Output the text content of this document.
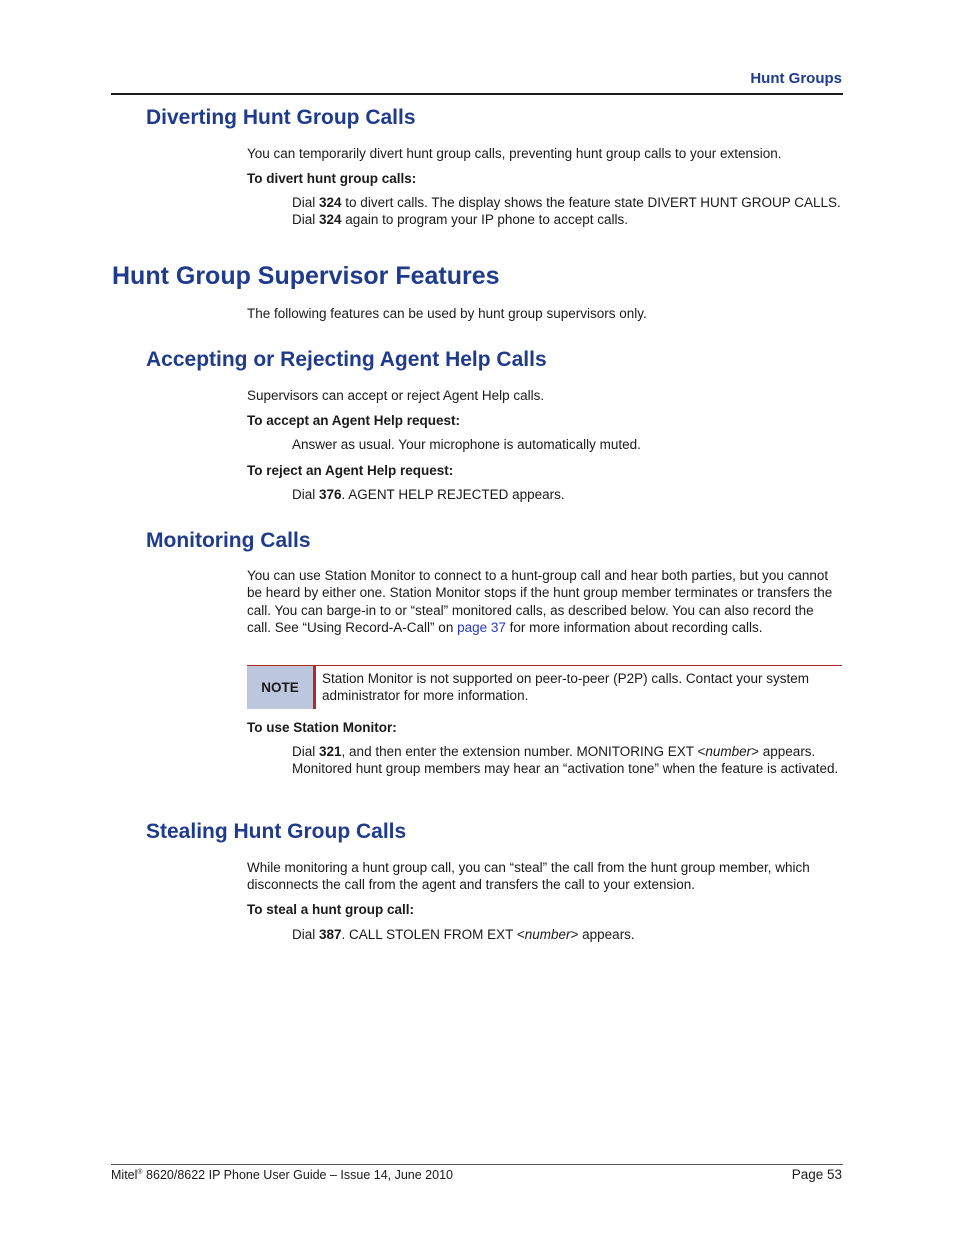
Hunt Groups
Diverting Hunt Group Calls

You can temporarily divert hunt group calls, preventing hunt group calls to your extension.

To divert hunt group calls:

Dial 324 to divert calls. The display shows the feature state DIVERT HUNT GROUP CALLS. Dial 324 again to program your IP phone to accept calls.

Hunt Group Supervisor Features

The following features can be used by hunt group supervisors only.

Accepting or Rejecting Agent Help Calls

Supervisors can accept or reject Agent Help calls.

To accept an Agent Help request:

Answer as usual. Your microphone is automatically muted.

To reject an Agent Help request:

Dial 376. AGENT HELP REJECTED appears.

Monitoring Calls

You can use Station Monitor to connect to a hunt-group call and hear both parties, but you cannot be heard by either one. Station Monitor stops if the hunt group member terminates or transfers the call. You can barge-in to or “steal” monitored calls, as described below. You can also record the call. See “Using Record-A-Call” on page 37 for more information about recording calls.

NOTE
Station Monitor is not supported on peer-to-peer (P2P) calls. Contact your system administrator for more information.

To use Station Monitor:

Dial 321, and then enter the extension number. MONITORING EXT <number> appears. Monitored hunt group members may hear an “activation tone” when the feature is activated.

Stealing Hunt Group Calls

While monitoring a hunt group call, you can “steal” the call from the hunt group member, which disconnects the call from the agent and transfers the call to your extension.

To steal a hunt group call:

Dial 387. CALL STOLEN FROM EXT <number> appears.

Mitel® 8620/8622 IP Phone User Guide – Issue 14, June 2010	Page 53
